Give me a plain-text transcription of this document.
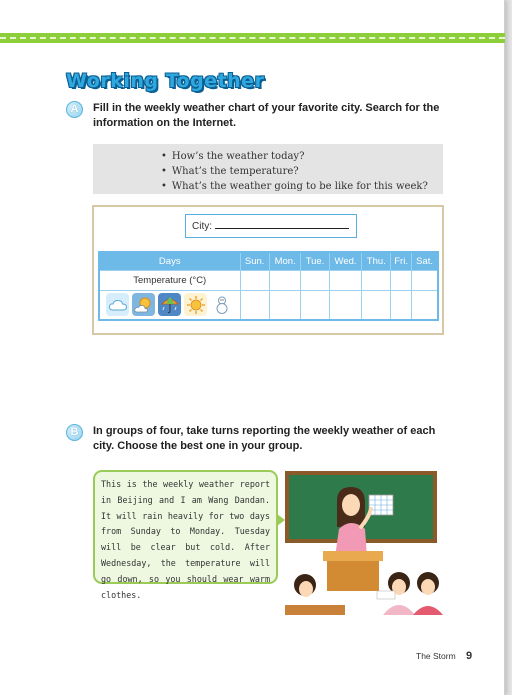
Working Together
A	Fill in the weekly weather chart of your favorite city. Search for the information on the Internet.
• How’s the weather today?
• What’s the temperature?
• What’s the weather going to be like for this week?
City:
Days	Sun.	Mon.	Tue.	Wed.	Thu.	Fri.	Sat.
Temperature (°C)							

B	In groups of four, take turns reporting the weekly weather of each city. Choose the best one in your group.
This is the weekly weather report in Beijing and I am Wang Dandan. It will rain heavily for two days from Sunday to Monday. Tuesday will be clear but cold. After Wednesday, the temperature will go down, so you should wear warm clothes.
The Storm 9
